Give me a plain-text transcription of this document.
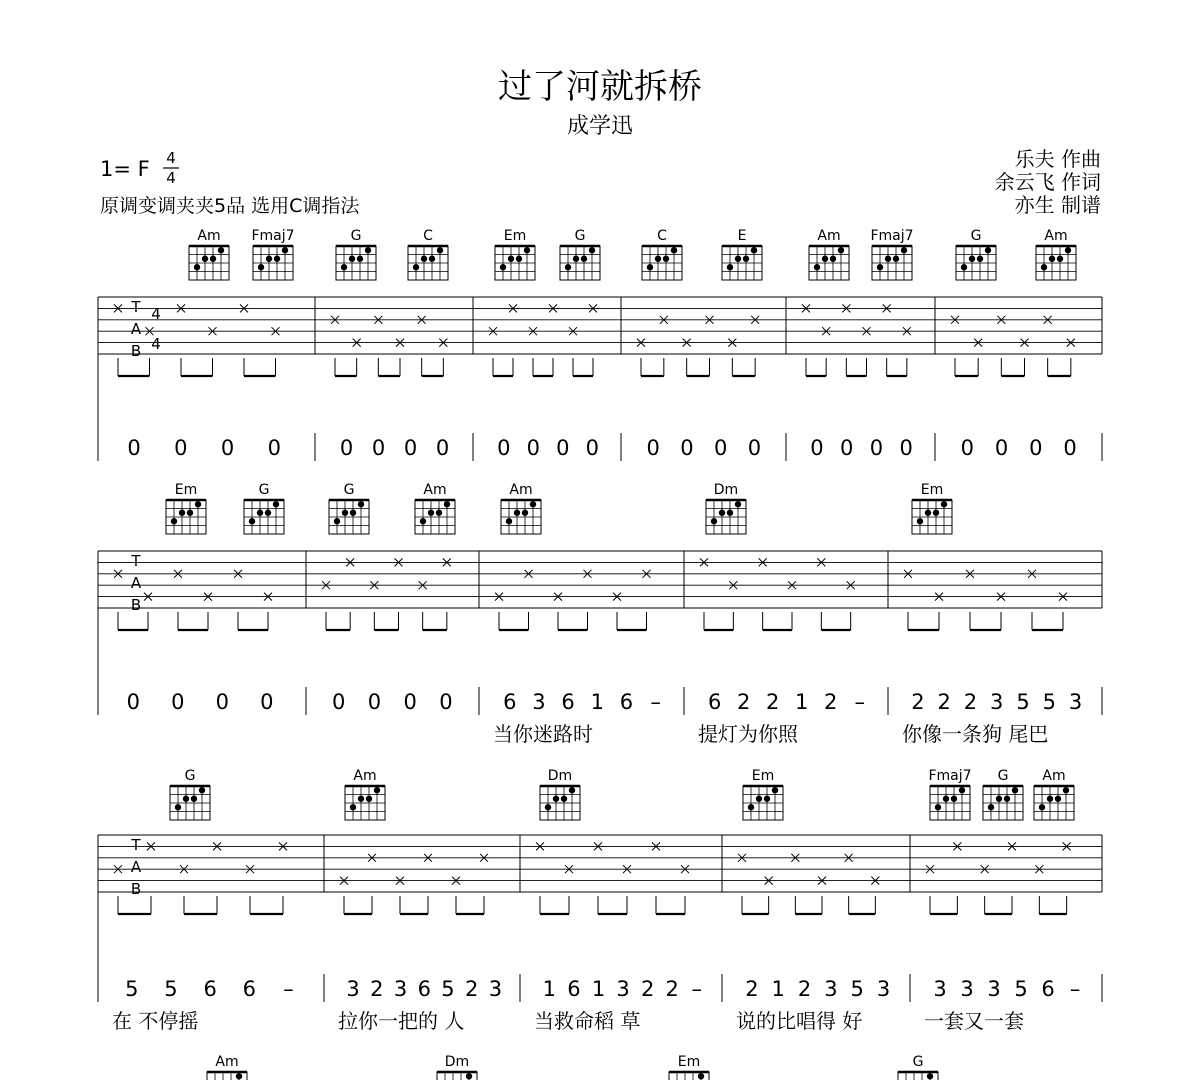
过了河就拆桥
成学迅
1= F 4
4
原调变调夹夹5品 选用C调指法
乐夫 作曲
余云飞 作词
亦生 制谱
Am Fmaj7	G	C	Em	G	C	E	Am Fmaj7	G	Am
T
A
B
4
4
0 0 0 0	0 0 0 0 0 0 0 0 0 0 0 0 0 0 0 0 0 0 0 0
Em	G	G	Am	Am	Dm	Em
T
A
B
0 0 0 0	0 0 0 0 6 3 6 1 6 –
当你迷路时
6 2 2 1 2 –
提灯为你照
2 2 2 3 5 5 3
你像一条狗 尾巴
G	Am	Dm	Em	Fmaj7 G Am
T
A
B
5 5 6 6 –
在 不停摇
3 2 3 6 5 2 3
拉你一把的 人
1 6 1 3 2 2 –
当救命稻 草
2 1 2 3 5 3
说的比唱得 好
3 3 3 5 6 –
一套又一套
Am	Dm	Em	G
